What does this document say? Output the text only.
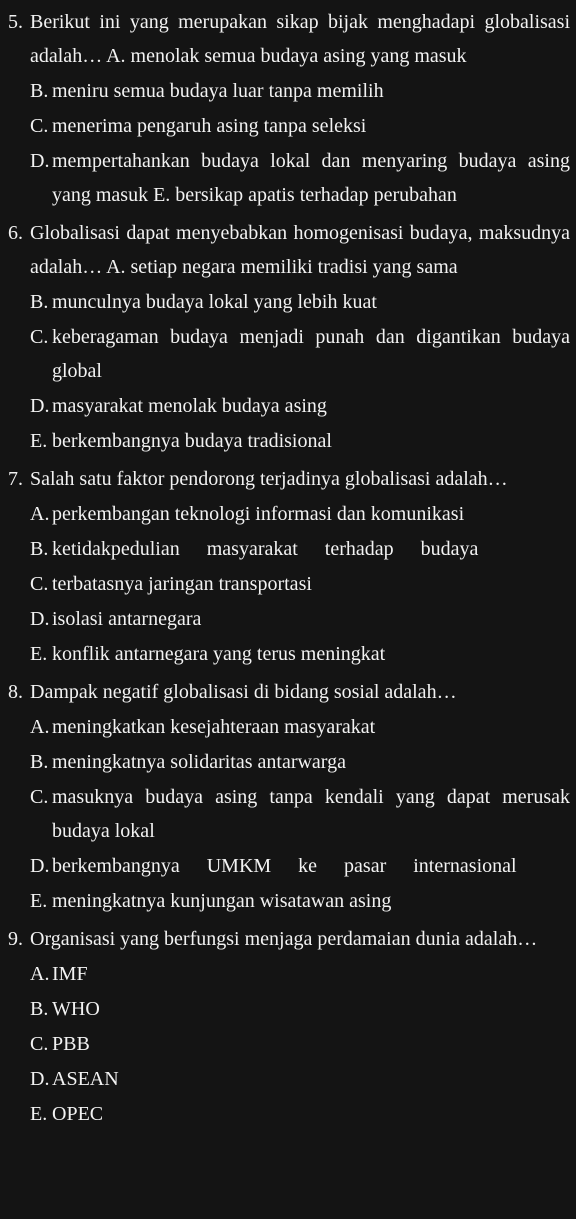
5. Berikut ini yang merupakan sikap bijak menghadapi globalisasi adalah… A. menolak semua budaya asing yang masuk
B. meniru semua budaya luar tanpa memilih
C. menerima pengaruh asing tanpa seleksi
D. mempertahankan budaya lokal dan menyaring budaya asing yang masuk E. bersikap apatis terhadap perubahan
6. Globalisasi dapat menyebabkan homogenisasi budaya, maksudnya adalah… A. setiap negara memiliki tradisi yang sama
B. munculnya budaya lokal yang lebih kuat
C. keberagaman budaya menjadi punah dan digantikan budaya global
D. masyarakat menolak budaya asing
E. berkembangnya budaya tradisional
7. Salah satu faktor pendorong terjadinya globalisasi adalah…
A. perkembangan teknologi informasi dan komunikasi
B. ketidakpedulian masyarakat terhadap budaya
C. terbatasnya jaringan transportasi
D. isolasi antarnegara
E. konflik antarnegara yang terus meningkat
8. Dampak negatif globalisasi di bidang sosial adalah…
A. meningkatkan kesejahteraan masyarakat
B. meningkatnya solidaritas antarwarga
C. masuknya budaya asing tanpa kendali yang dapat merusak budaya lokal
D. berkembangnya UMKM ke pasar internasional
E. meningkatnya kunjungan wisatawan asing
9. Organisasi yang berfungsi menjaga perdamaian dunia adalah…
A. IMF
B. WHO
C. PBB
D. ASEAN
E. OPEC
